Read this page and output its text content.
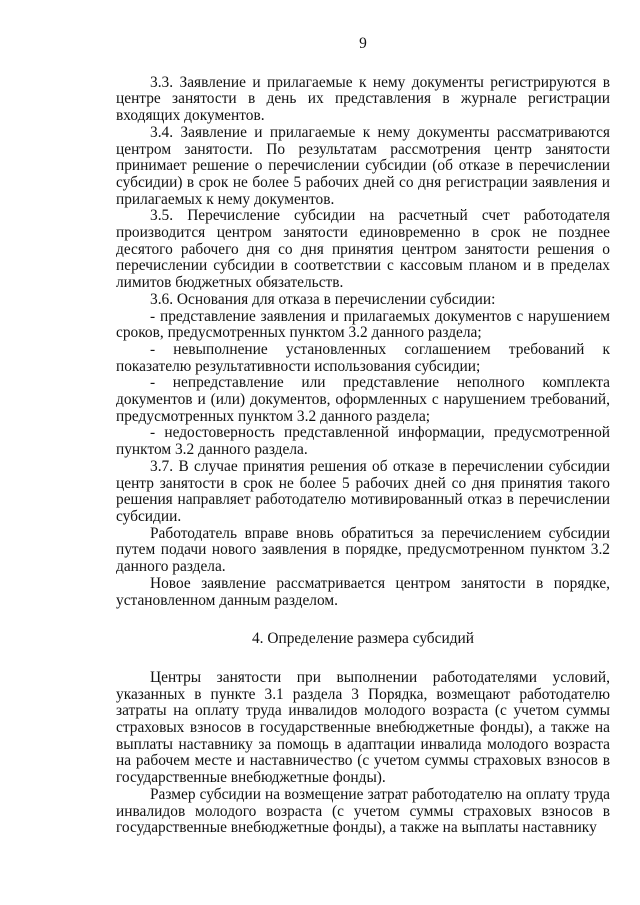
9

3.3. Заявление и прилагаемые к нему документы регистрируются в центре занятости в день их представления в журнале регистрации входящих документов.

3.4. Заявление и прилагаемые к нему документы рассматриваются центром занятости. По результатам рассмотрения центр занятости принимает решение о перечислении субсидии (об отказе в перечислении субсидии) в срок не более 5 рабочих дней со дня регистрации заявления и прилагаемых к нему документов.

3.5. Перечисление субсидии на расчетный счет работодателя производится центром занятости единовременно в срок не позднее десятого рабочего дня со дня принятия центром занятости решения о перечислении субсидии в соответствии с кассовым планом и в пределах лимитов бюджетных обязательств.

3.6. Основания для отказа в перечислении субсидии:

- представление заявления и прилагаемых документов с нарушением сроков, предусмотренных пунктом 3.2 данного раздела;

- невыполнение установленных соглашением требований к показателю результативности использования субсидии;

- непредставление или представление неполного комплекта документов и (или) документов, оформленных с нарушением требований, предусмотренных пунктом 3.2 данного раздела;

- недостоверность представленной информации, предусмотренной пунктом 3.2 данного раздела.

3.7. В случае принятия решения об отказе в перечислении субсидии центр занятости в срок не более 5 рабочих дней со дня принятия такого решения направляет работодателю мотивированный отказ в перечислении субсидии.

Работодатель вправе вновь обратиться за перечислением субсидии путем подачи нового заявления в порядке, предусмотренном пунктом 3.2 данного раздела.

Новое заявление рассматривается центром занятости в порядке, установленном данным разделом.

4. Определение размера субсидий

Центры занятости при выполнении работодателями условий, указанных в пункте 3.1 раздела 3 Порядка, возмещают работодателю затраты на оплату труда инвалидов молодого возраста (с учетом суммы страховых взносов в государственные внебюджетные фонды), а также на выплаты наставнику за помощь в адаптации инвалида молодого возраста на рабочем месте и наставничество (с учетом суммы страховых взносов в государственные внебюджетные фонды).

Размер субсидии на возмещение затрат работодателю на оплату труда инвалидов молодого возраста (с учетом суммы страховых взносов в государственные внебюджетные фонды), а также на выплаты наставнику
